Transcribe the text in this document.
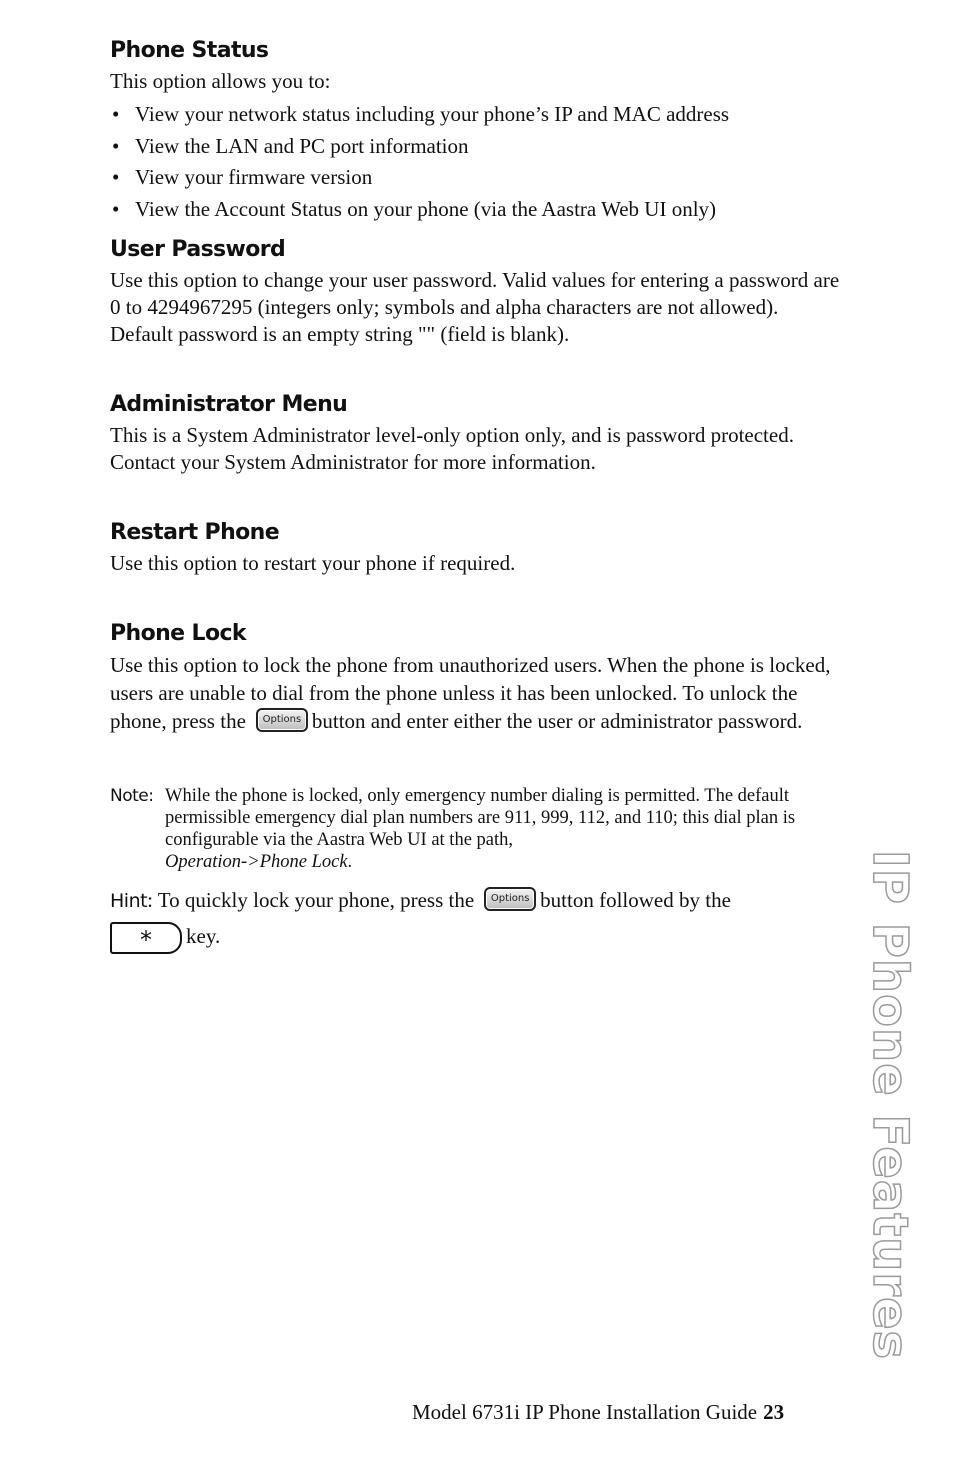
Phone Status

This option allows you to:

• View your network status including your phone’s IP and MAC address
• View the LAN and PC port information
• View your firmware version
• View the Account Status on your phone (via the Aastra Web UI only)
User Password

Use this option to change your user password. Valid values for entering a password are 0 to 4294967295 (integers only; symbols and alpha characters are not allowed). Default password is an empty string "" (field is blank).

Administrator Menu

This is a System Administrator level-only option only, and is password protected. Contact your System Administrator for more information.

Restart Phone

Use this option to restart your phone if required.

Phone Lock

Use this option to lock the phone from unauthorized users. When the phone is locked, users are unable to dial from the phone unless it has been unlocked. To unlock the phone, press the Options button and enter either the user or administrator password.

Note: While the phone is locked, only emergency number dialing is permitted. The default permissible emergency dial plan numbers are 911, 999, 112, and 110; this dial plan is configurable via the Aastra Web UI at the path,
Operation->Phone Lock.

Hint: To quickly lock your phone, press the Options button followed by the
* key.	IP Phone Features
Model 6731i IP Phone Installation Guide 23
